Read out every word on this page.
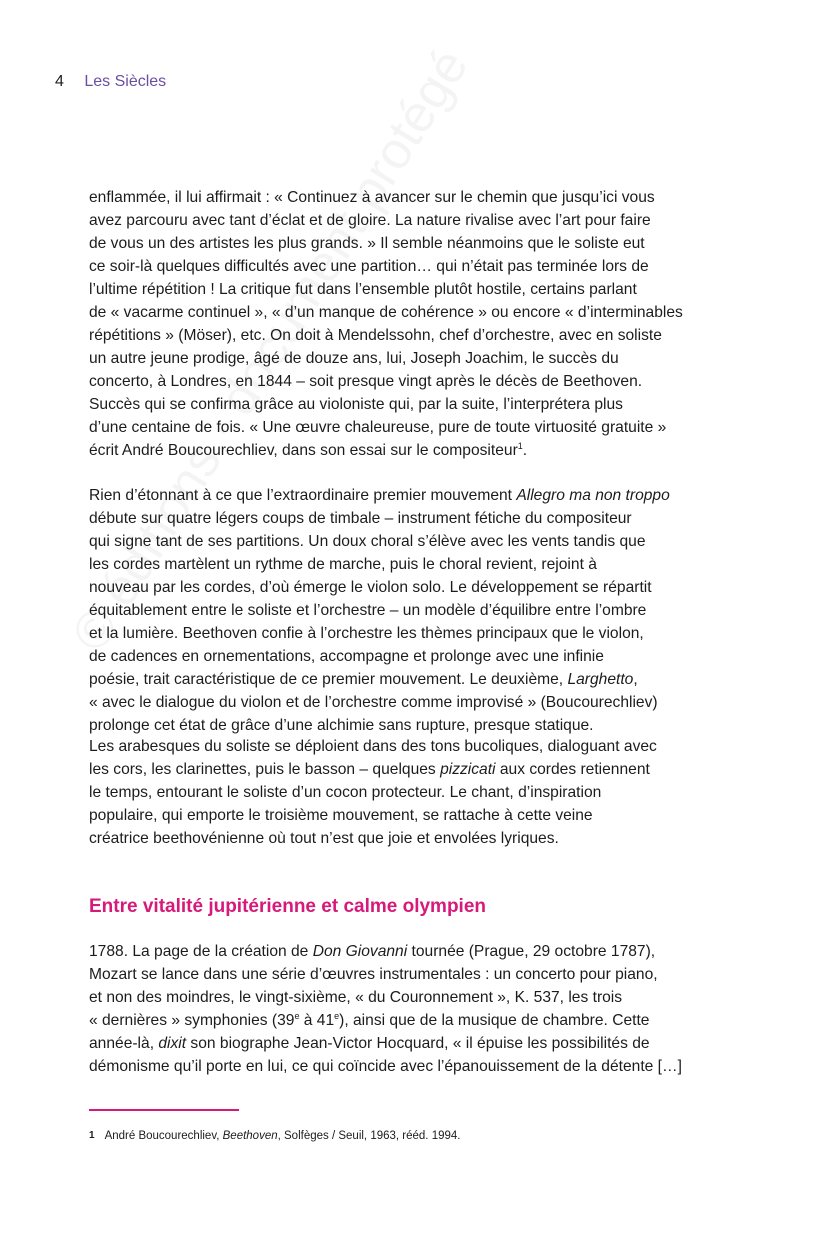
4 Les Siècles
enflammée, il lui affirmait : « Continuez à avancer sur le chemin que jusqu’ici vous
avez parcouru avec tant d’éclat et de gloire. La nature rivalise avec l’art pour faire
de vous un des artistes les plus grands. » Il semble néanmoins que le soliste eut
ce soir-là quelques difficultés avec une partition… qui n’était pas terminée lors de
l’ultime répétition ! La critique fut dans l’ensemble plutôt hostile, certains parlant
de « vacarme continuel », « d’un manque de cohérence » ou encore « d’interminables
répétitions » (Möser), etc. On doit à Mendelssohn, chef d’orchestre, avec en soliste
un autre jeune prodige, âgé de douze ans, lui, Joseph Joachim, le succès du
concerto, à Londres, en 1844 – soit presque vingt après le décès de Beethoven.
Succès qui se confirma grâce au violoniste qui, par la suite, l’interprétera plus
d’une centaine de fois. « Une œuvre chaleureuse, pure de toute virtuosité gratuite »
écrit André Boucourechliev, dans son essai sur le compositeur$^1$.
Rien d’étonnant à ce que l’extraordinaire premier mouvement Allegro ma non troppo
débute sur quatre légers coups de timbale – instrument fétiche du compositeur
qui signe tant de ses partitions. Un doux choral s’élève avec les vents tandis que
les cordes martèlent un rythme de marche, puis le choral revient, rejoint à
nouveau par les cordes, d’où émerge le violon solo. Le développement se répartit
équitablement entre le soliste et l’orchestre – un modèle d’équilibre entre l’ombre
et la lumière. Beethoven confie à l’orchestre les thèmes principaux que le violon,
de cadences en ornementations, accompagne et prolonge avec une infinie
poésie, trait caractéristique de ce premier mouvement. Le deuxième, Larghetto,
« avec le dialogue du violon et de l’orchestre comme improvisé » (Boucourechliev)
prolonge cet état de grâce d’une alchimie sans rupture, presque statique.
Les arabesques du soliste se déploient dans des tons bucoliques, dialoguant avec
les cors, les clarinettes, puis le basson – quelques pizzicati aux cordes retiennent
le temps, entourant le soliste d’un cocon protecteur. Le chant, d’inspiration
populaire, qui emporte le troisième mouvement, se rattache à cette veine
créatrice beethovénienne où tout n’est que joie et envolées lyriques.
Entre vitalité jupitérienne et calme olympien
1788. La page de la création de Don Giovanni tournée (Prague, 29 octobre 1787),
Mozart se lance dans une série d’œuvres instrumentales : un concerto pour piano,
et non des moindres, le vingt-sixième, « du Couronnement », K. 537, les trois
« dernières » symphonies (39e à 41e), ainsi que de la musique de chambre. Cette
année-là, dixit son biographe Jean-Victor Hocquard, « il épuise les possibilités de
démonisme qu’il porte en lui, ce qui coïncide avec l’épanouissement de la détente […]
1 André Boucourechliev, Beethoven, Solfèges / Seuil, 1963, rééd. 1994.
